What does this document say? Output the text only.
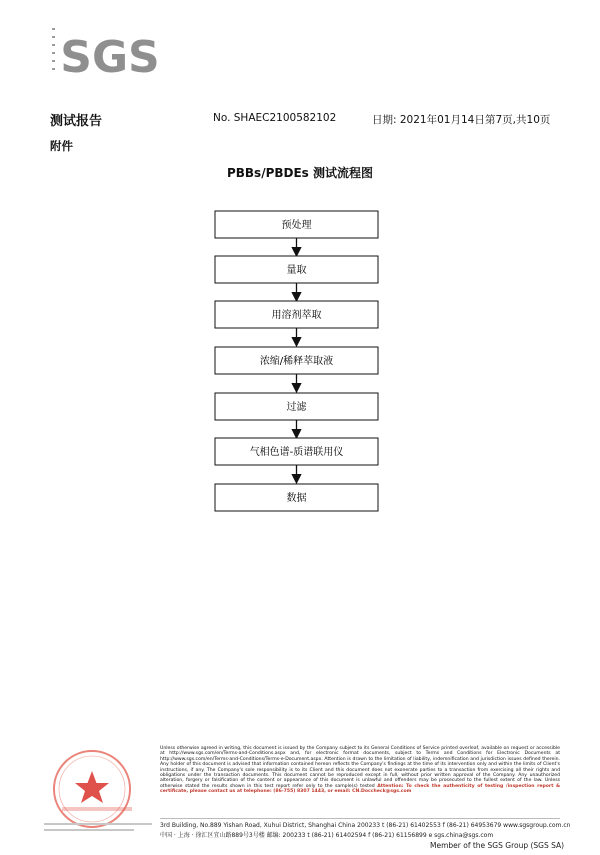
SGS
测试报告	No. SHAEC2100582102	日期: 2021年01月14日 第7页,共10页
附件
PBBs/PBDEs 测试流程图
预处理
量取
用溶剂萃取
浓缩/稀释萃取液
过滤
气相色谱-质谱联用仪
数据
Unless otherwise agreed in writing, this document is issued by the Company subject to its General Conditions of Service printed overleaf, available on request or accessible at http://www.sgs.com/en/Terms-and-Conditions.aspx and, for electronic format documents, subject to Terms and Conditions for Electronic Documents at http://www.sgs.com/en/Terms-and-Conditions/Terms-e-Document.aspx. Attention is drawn to the limitation of liability, indemnification and jurisdiction issues defined therein. Any holder of this document is advised that information contained hereon reflects the Company's findings at the time of its intervention only and within the limits of Client's instructions, if any. The Company's sole responsibility is to its Client and this document does not exonerate parties to a transaction from exercising all their rights and obligations under the transaction documents. This document cannot be reproduced except in full, without prior written approval of the Company. Any unauthorized alteration, forgery or falsification of the content or appearance of this document is unlawful and offenders may be prosecuted to the fullest extent of the law. Unless otherwise stated the results shown in this test report refer only to the sample(s) tested Attention: To check the authenticity of testing /inspection report & certificate, please contact us at telephone: (86-755) 8307 1443, or email: CN.Doccheck@sgs.com
3rd Building, No.889 Yishan Road, Xuhui District, Shanghai China 200233 t (86-21) 61402553 f (86-21) 64953679 www.sgsgroup.com.cn
中国 · 上海 · 徐汇区宜山路889号3号楼 邮编: 200233 t (86-21) 61402594 f (86-21) 61156899 e sgs.china@sgs.com
Member of the SGS Group (SGS SA)
